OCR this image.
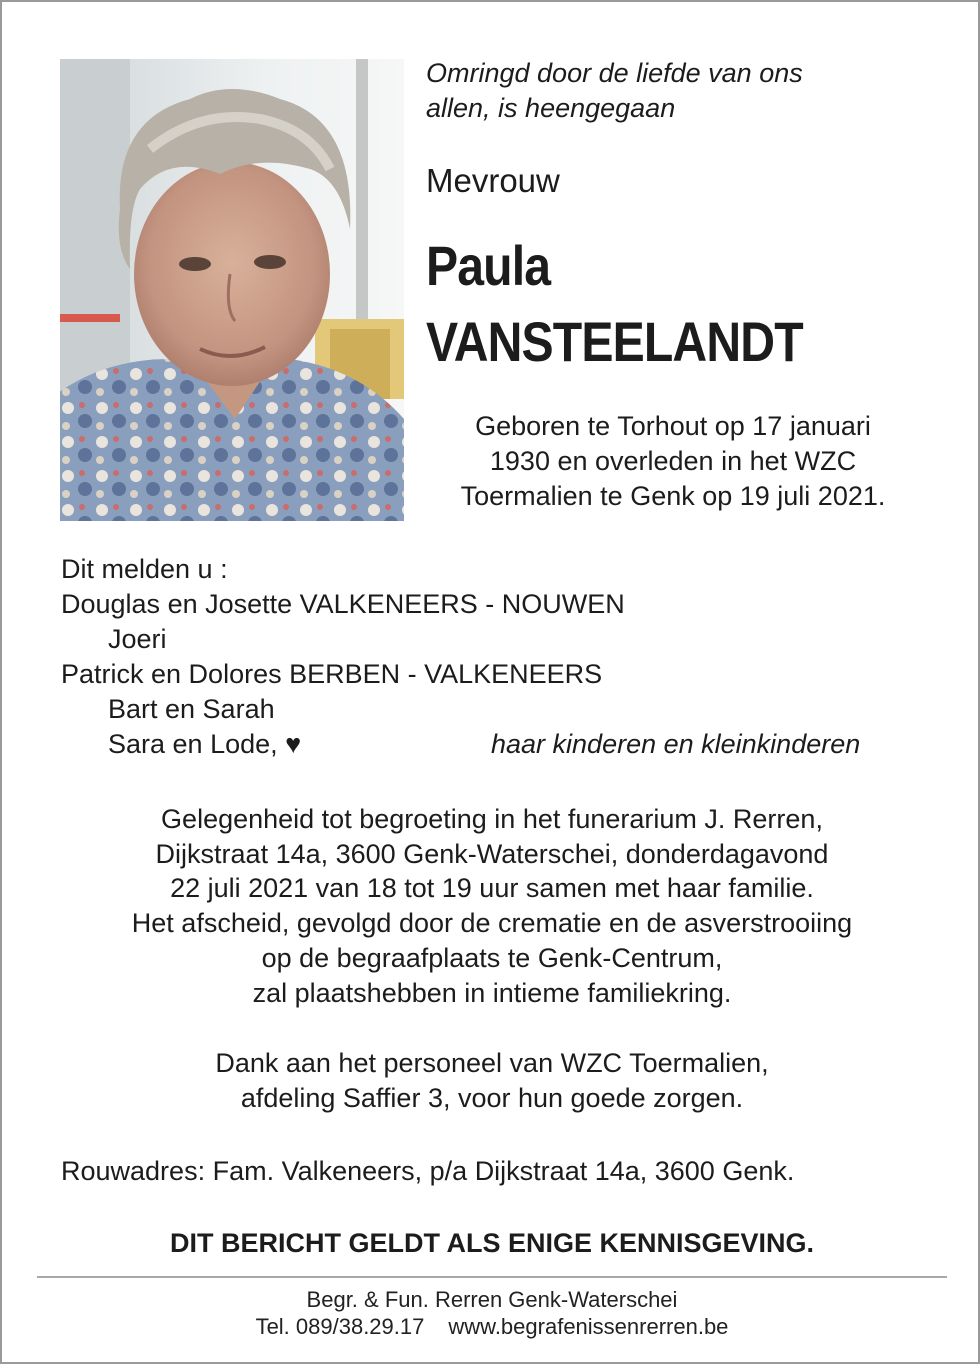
Omringd door de liefde van ons
allen, is heengegaan
Mevrouw
Paula
VANSTEELANDT
Geboren te Torhout op 17 januari
1930 en overleden in het WZC
Toermalien te Genk op 19 juli 2021.
Dit melden u :
Douglas en Josette VALKENEERS - NOUWEN
Joeri
Patrick en Dolores BERBEN - VALKENEERS
Bart en Sarah
Sara en Lode, ♥	haar kinderen en kleinkinderen
Gelegenheid tot begroeting in het funerarium J. Rerren,
Dijkstraat 14a, 3600 Genk-Waterschei, donderdagavond
22 juli 2021 van 18 tot 19 uur samen met haar familie.
Het afscheid, gevolgd door de crematie en de asverstrooiing
op de begraafplaats te Genk-Centrum,
zal plaatshebben in intieme familiekring.
Dank aan het personeel van WZC Toermalien,
afdeling Saffier 3, voor hun goede zorgen.
Rouwadres: Fam. Valkeneers, p/a Dijkstraat 14a, 3600 Genk.
DIT BERICHT GELDT ALS ENIGE KENNISGEVING.
Begr. & Fun. Rerren Genk-Waterschei
Tel. 089/38.29.17 www.begrafenissenrerren.be
